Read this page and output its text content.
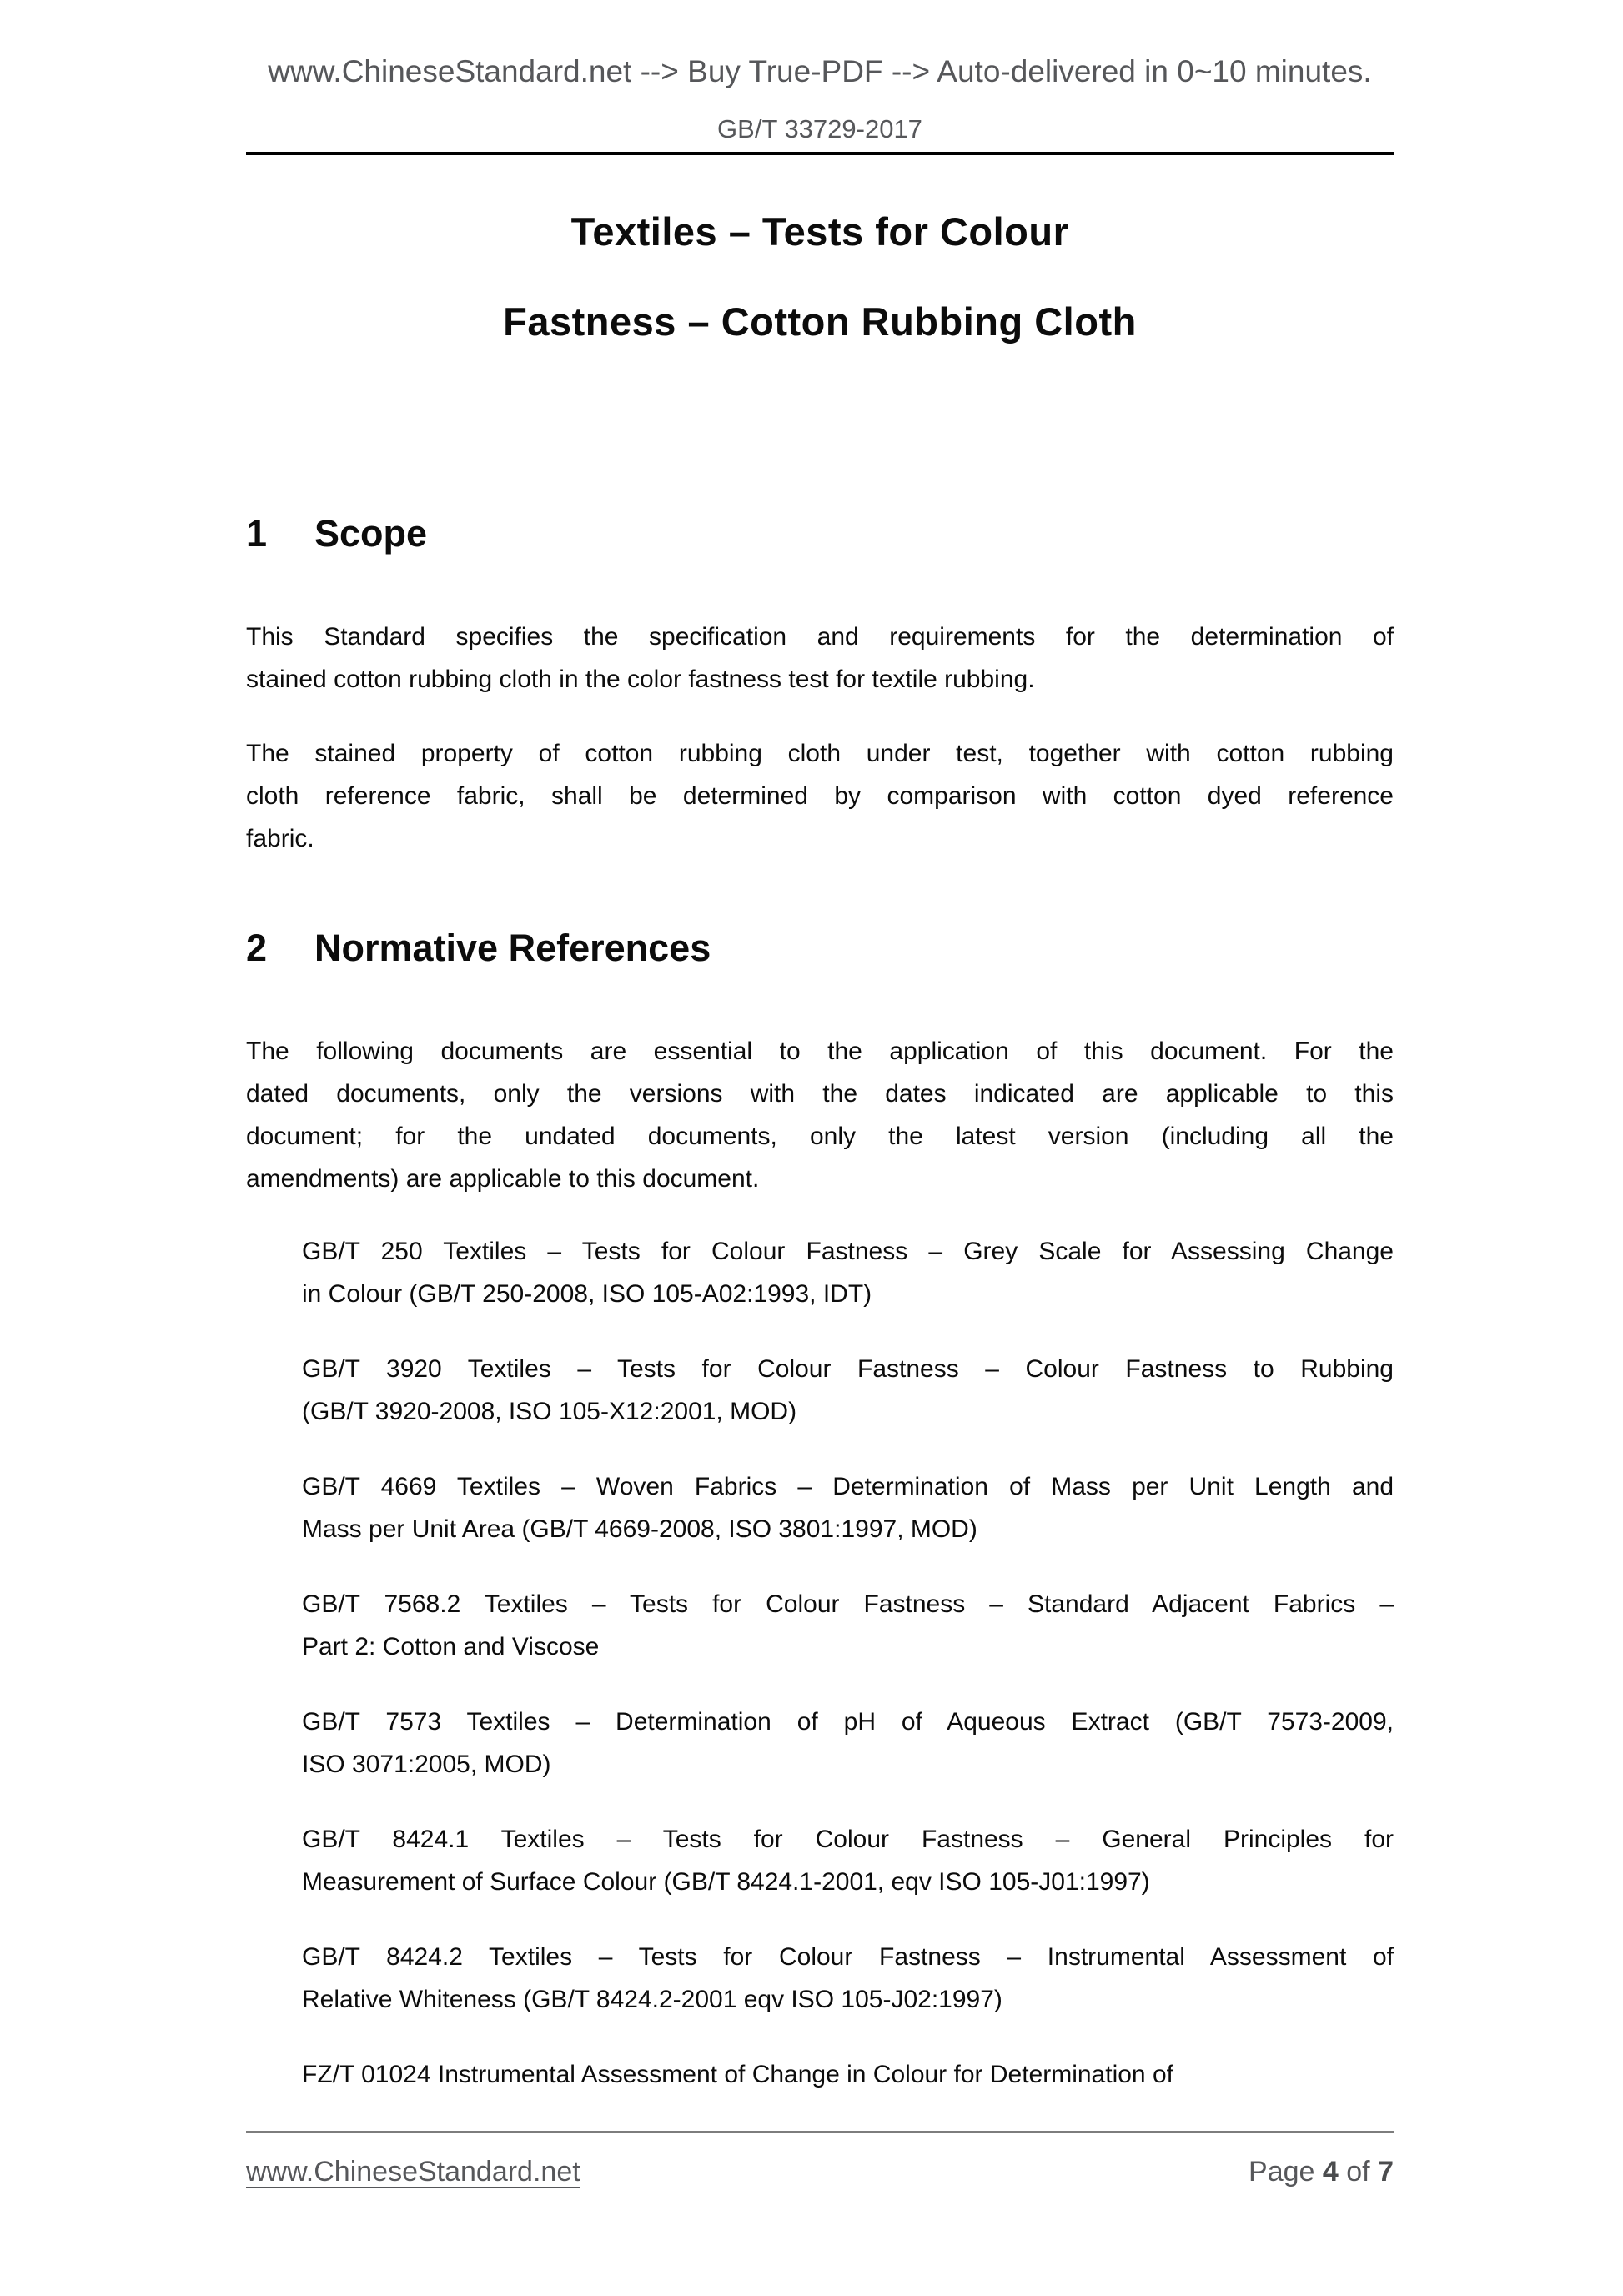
www.ChineseStandard.net --> Buy True-PDF --> Auto-delivered in 0~10 minutes.
GB/T 33729-2017
Textiles – Tests for Colour
Fastness – Cotton Rubbing Cloth
1 Scope
This Standard specifies the specification and requirements for the determination of
stained cotton rubbing cloth in the color fastness test for textile rubbing.
The stained property of cotton rubbing cloth under test, together with cotton rubbing
cloth reference fabric, shall be determined by comparison with cotton dyed reference
fabric.
2 Normative References
The following documents are essential to the application of this document. For the
dated documents, only the versions with the dates indicated are applicable to this
document; for the undated documents, only the latest version (including all the
amendments) are applicable to this document.
GB/T 250 Textiles – Tests for Colour Fastness – Grey Scale for Assessing Change
in Colour (GB/T 250-2008, ISO 105-A02:1993, IDT)
GB/T 3920 Textiles – Tests for Colour Fastness – Colour Fastness to Rubbing
(GB/T 3920-2008, ISO 105-X12:2001, MOD)
GB/T 4669 Textiles – Woven Fabrics – Determination of Mass per Unit Length and
Mass per Unit Area (GB/T 4669-2008, ISO 3801:1997, MOD)
GB/T 7568.2 Textiles – Tests for Colour Fastness – Standard Adjacent Fabrics –
Part 2: Cotton and Viscose
GB/T 7573 Textiles – Determination of pH of Aqueous Extract (GB/T 7573-2009,
ISO 3071:2005, MOD)
GB/T 8424.1 Textiles – Tests for Colour Fastness – General Principles for
Measurement of Surface Colour (GB/T 8424.1-2001, eqv ISO 105-J01:1997)
GB/T 8424.2 Textiles – Tests for Colour Fastness – Instrumental Assessment of
Relative Whiteness (GB/T 8424.2-2001 eqv ISO 105-J02:1997)
FZ/T 01024 Instrumental Assessment of Change in Colour for Determination of
www.ChineseStandard.net	Page 4 of 7
